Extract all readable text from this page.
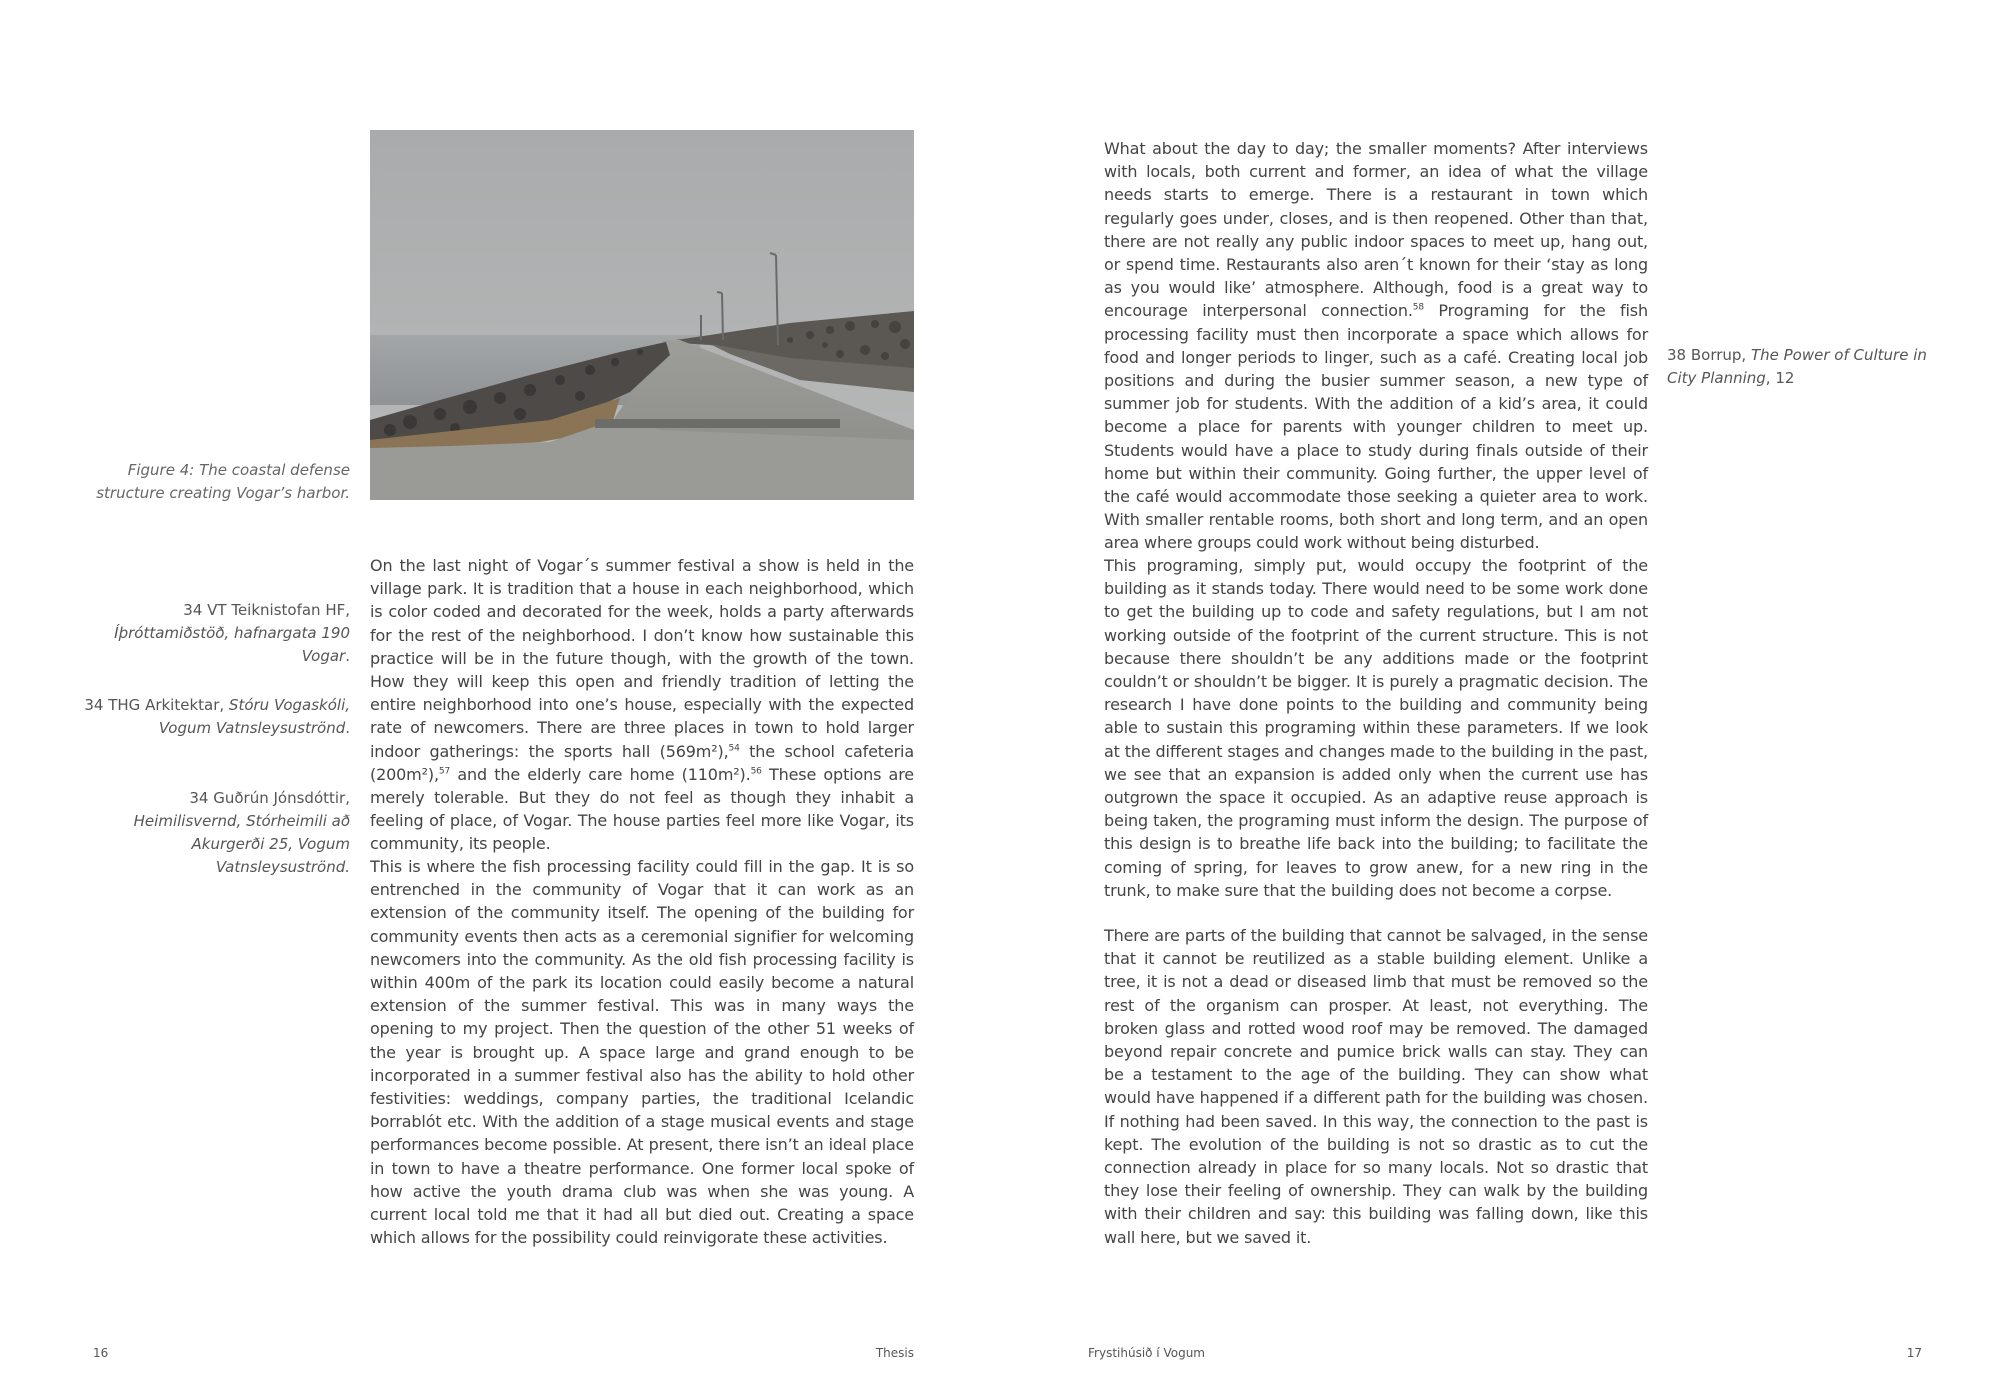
Figure 4: The coastal defense structure creating Vogar’s harbor.

On the last night of Vogar´s summer festival a show is held in the village park. It is tradition that a house in each neighborhood, which is color coded and decorated for the week, holds a party afterwards for the rest of the neighborhood. I don’t know how sustainable this practice will be in the future though, with the growth of the town. How they will keep this open and friendly tradition of letting the entire neighborhood into one’s house, especially with the expected rate of newcomers. There are three places in town to hold larger indoor gatherings: the sports hall (569m²),$^{54}$ the school cafeteria (200m²),$^{57}$ and the elderly care home (110m²).$^{56}$ These options are merely tolerable. But they do not feel as though they inhabit a feeling of place, of Vogar. The house parties feel more like Vogar, its community, its people.

This is where the fish processing facility could fill in the gap. It is so entrenched in the community of Vogar that it can work as an extension of the community itself. The opening of the building for community events then acts as a ceremonial signifier for welcoming newcomers into the community. As the old fish processing facility is within 400m of the park its location could easily become a natural extension of the summer festival. This was in many ways the opening to my project. Then the question of the other 51 weeks of the year is brought up. A space large and grand enough to be incorporated in a summer festival also has the ability to hold other festivities: weddings, company parties, the traditional Icelandic Þorrablót etc. With the addition of a stage musical events and stage performances become possible. At present, there isn’t an ideal place in town to have a theatre performance. One former local spoke of how active the youth drama club was when she was young. A current local told me that it had all but died out. Creating a space which allows for the possibility could reinvigorate these activities.

34 VT Teiknistofan HF, Íþróttamiðstöð, hafnargata 190 Vogar.
34 THG Arkitektar, Stóru Vogaskóli, Vogum Vatnsleysuströnd.
34 Guðrún Jónsdóttir, Heimilisvernd, Stórheimili að Akurgerði 25, Vogum Vatnsleysuströnd.

What about the day to day; the smaller moments? After interviews with locals, both current and former, an idea of what the village needs starts to emerge. There is a restaurant in town which regularly goes under, closes, and is then reopened. Other than that, there are not really any public indoor spaces to meet up, hang out, or spend time. Restaurants also aren´t known for their ‘stay as long as you would like’ atmosphere. Although, food is a great way to encourage interpersonal connection.$^{58}$ Programing for the fish processing facility must then incorporate a space which allows for food and longer periods to linger, such as a café. Creating local job positions and during the busier summer season, a new type of summer job for students. With the addition of a kid’s area, it could become a place for parents with younger children to meet up. Students would have a place to study during finals outside of their home but within their community. Going further, the upper level of the café would accommodate those seeking a quieter area to work. With smaller rentable rooms, both short and long term, and an open area where groups could work without being disturbed.

This programing, simply put, would occupy the footprint of the building as it stands today. There would need to be some work done to get the building up to code and safety regulations, but I am not working outside of the footprint of the current structure. This is not because there shouldn’t be any additions made or the footprint couldn’t or shouldn’t be bigger. It is purely a pragmatic decision. The research I have done points to the building and community being able to sustain this programing within these parameters. If we look at the different stages and changes made to the building in the past, we see that an expansion is added only when the current use has outgrown the space it occupied. As an adaptive reuse approach is being taken, the programing must inform the design. The purpose of this design is to breathe life back into the building; to facilitate the coming of spring, for leaves to grow anew, for a new ring in the trunk, to make sure that the building does not become a corpse.

There are parts of the building that cannot be salvaged, in the sense that it cannot be reutilized as a stable building element. Unlike a tree, it is not a dead or diseased limb that must be removed so the rest of the organism can prosper. At least, not everything. The broken glass and rotted wood roof may be removed. The damaged beyond repair concrete and pumice brick walls can stay. They can be a testament to the age of the building. They can show what would have happened if a different path for the building was chosen. If nothing had been saved. In this way, the connection to the past is kept. The evolution of the building is not so drastic as to cut the connection already in place for so many locals. Not so drastic that they lose their feeling of ownership. They can walk by the building with their children and say: this building was falling down, like this wall here, but we saved it.

38 Borrup, The Power of Culture in City Planning, 12
16	Thesis	Frystihúsið í Vogum	17
